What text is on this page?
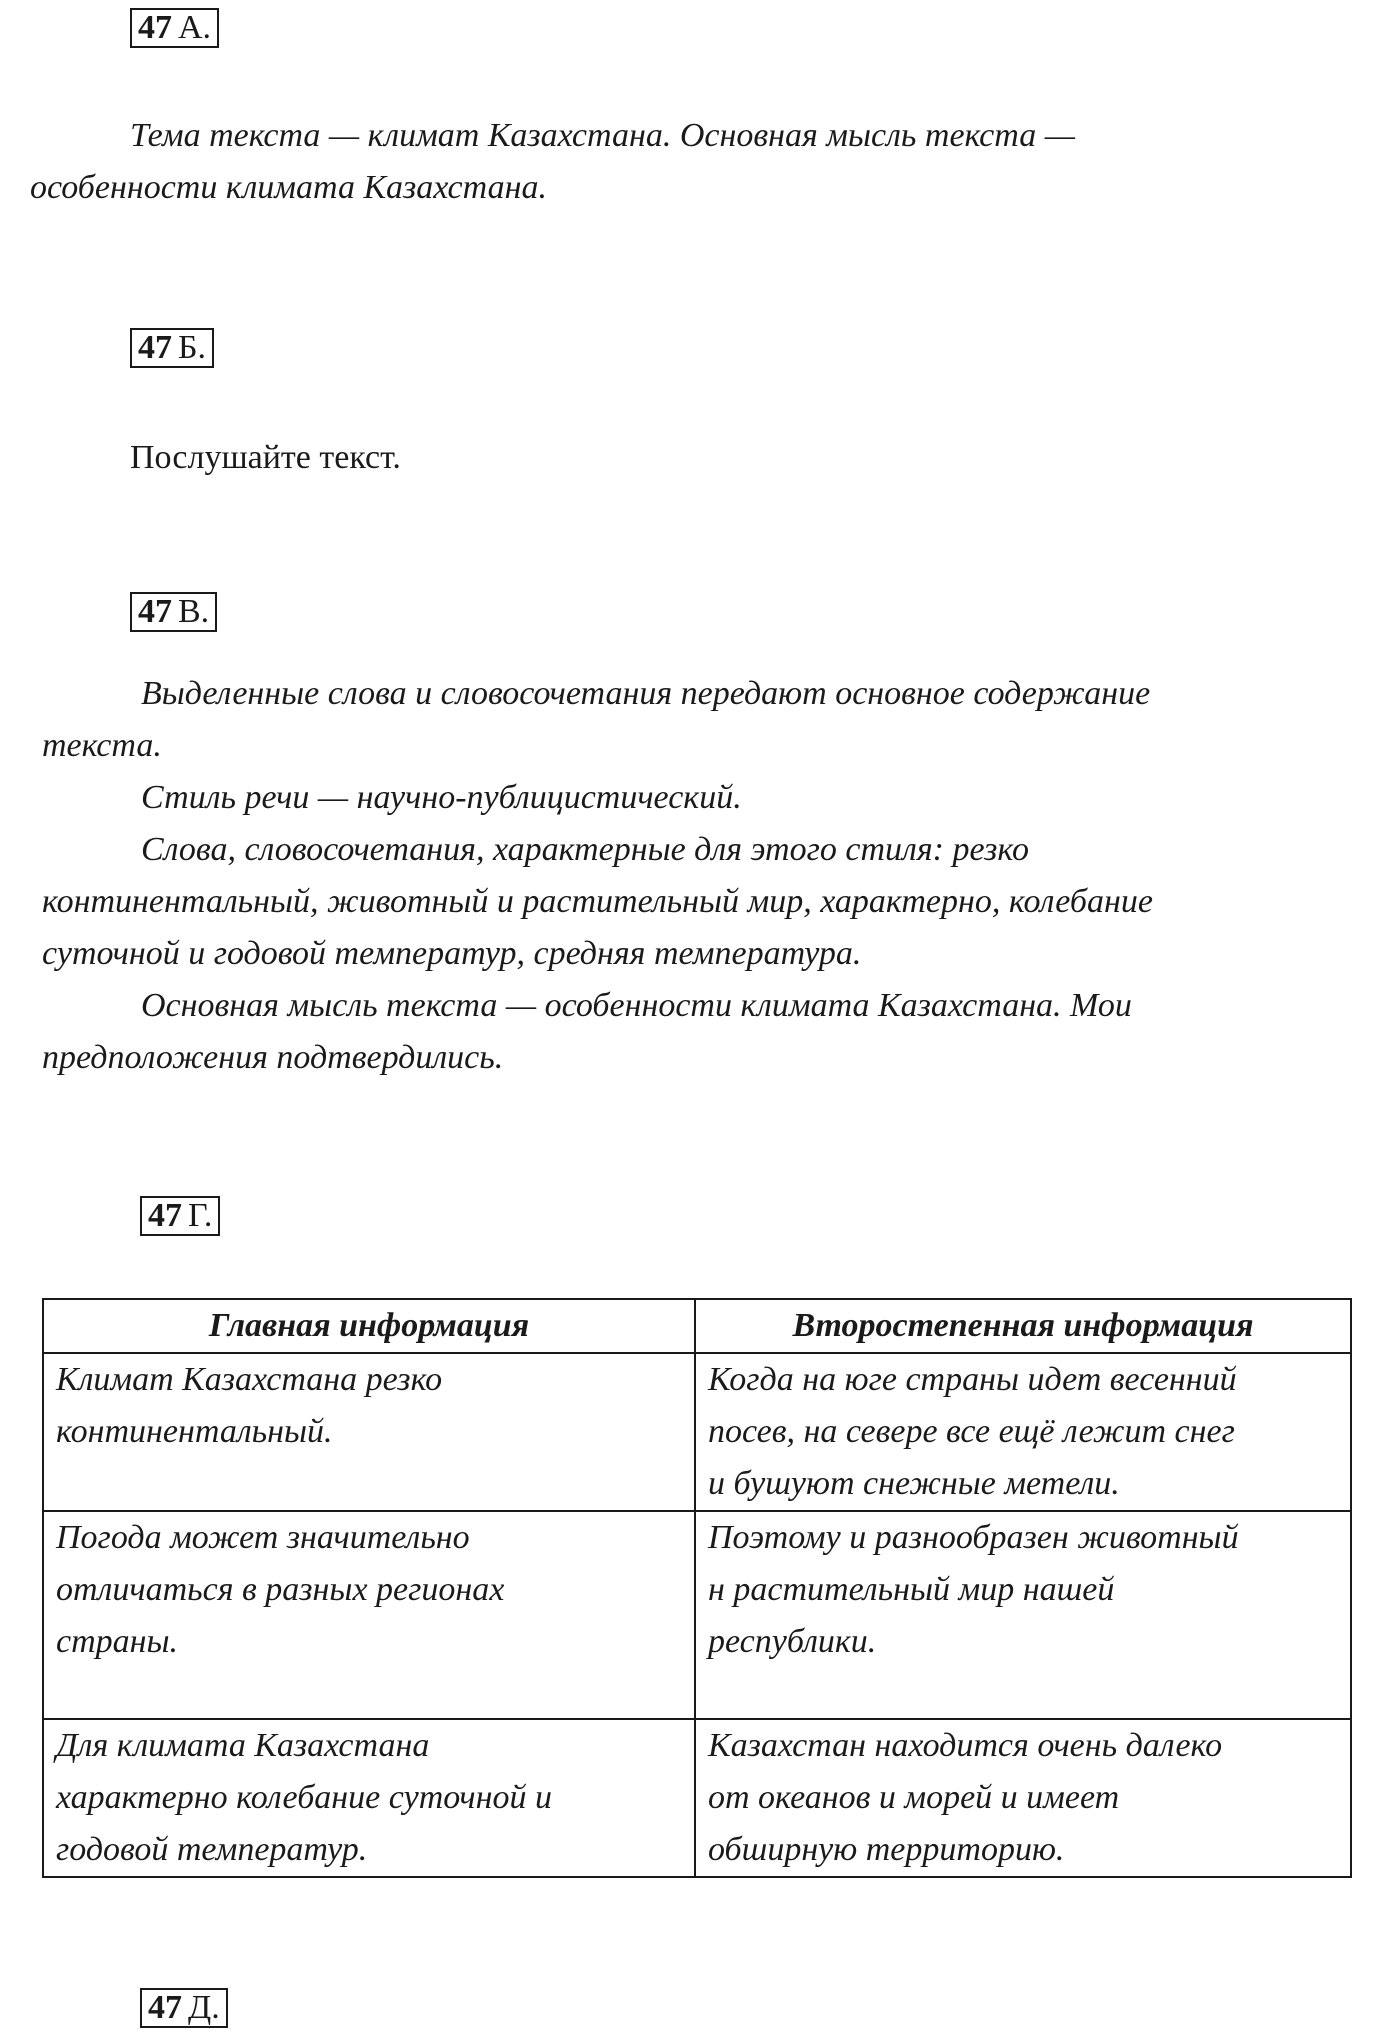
47 А.
Тема текста — климат Казахстана. Основная мысль текста —
особенности климата Казахстана.
47 Б.
Послушайте текст.
47 В.
Выделенные слова и словосочетания передают основное содержание
текста.
Стиль речи — научно-публицистический.
Слова, словосочетания, характерные для этого стиля: резко
континентальный, животный и растительный мир, характерно, колебание
суточной и годовой температур, средняя температура.
Основная мысль текста — особенности климата Казахстана. Мои
предположения подтвердились.
47 Г.
Главная информация	Второстепенная информация

Климат Казахстана резко
континентальный.	Когда на юге страны идет весенний
посев, на севере все ещё лежит снег
и бушуют снежные метели.

Погода может значительно
отличаться в разных регионах
страны.	Поэтому и разнообразен животный
н растительный мир нашей
республики.

Для климата Казахстана
характерно колебание суточной и
годовой температур.	Казахстан находится очень далеко
от океанов и морей и имеет
обширную территорию.
47 Д.
